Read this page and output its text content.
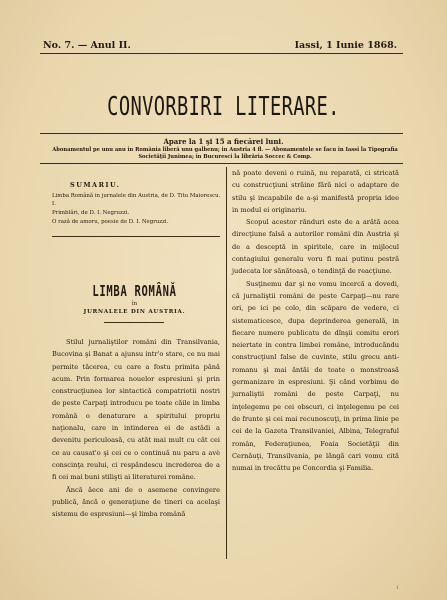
No. 7. — Anul II.	Iassi, 1 Iunie 1868.
CONVORBIRI LITERARE.
Apare la 1 şi 15 a fiecărei luni.
Abonamentul pe unu anu in România liberă unu galbenu; in Austria 4 fl. — Abonamentele se facu in Iassi la Tipografia Societăţii Junimea; in Bucuresci la librăria Soccec & Comp.
SUMARIU.
Limba Română in jurnalele din Austria, de D. Titu Maiorescu. I.
Primblări, de D. I. Negruzzi.
O rază de amoru, poesie de D. I. Negruzzi.
LIMBA ROMÂNĂ
în
JURNALELE DIN AUSTRIA.

Stilul jurnaliştilor români din Transilvania, Bucovina şi Banat a ajunsu intr'o stare, ce nu mai permite tăcerea, cu care a fostu primita pănă acum. Prin formarea nouelor espresiuni şi prin construcţiunea lor sintactică compatriotii nostri de peste Carpaţi introducu pe toate căile in limba română o denaturare a spiritului propriu naţionalu, care in intinderea ei de astădi a devenitu periculoasă, cu atăt mai mult cu căt cei ce au causat'o şi cei ce o continuă nu paru a avè conscinţa reului, ci respăndescu increderea de a fi cei mai buni stilişti ai literaturei române.

Ăncă ăece ani de o asemene convingere publică, ăncă o generaţiune de tineri ca acelaşi sistemu de espresiuni—şi limba română

nă poate deveni o ruină, nu reparată, ci stricată cu construcţiuni străine fără nici o adaptare de stilu şi incapabile de a-şi manifestă propria idee in modul ei originariu.

Scopul acestor rănduri este de a arătă acea direcţiune falsă a autorilor români din Austria şi de a desceptă in spiritele, care in mijlocul contagiului generalu voru fi mai putinu pestră judecata lor sănătoasă, o tendinţă de reacţiune.

Susţinemu dar şi ne vomu incercă a dovedi, că jurnaliştii români de peste Carpaţi—nu rare ori, pe ici pe colo, din scăpare de vedere, ci sistematicesce, dupa deprinderea generală, in fiecare numere publicatu de dînşii comitu erori neiertate in contra limbei române, introducăndu construcţiunl false de cuvinte, stilu grecu anti-romanu şi mai ăntăi de toate o monstroasă germanizare in espresiuni. Şi cănd vorbimu de jurnaliştii români de peste Carpaţi, nu inţelegemu pe cei obscuri, ci inţelegemu pe cei de frunte şi cei mai recunoscuţi, in prima linie pe cei de la Gazeta Transilvaniei, Albina, Telegraful român, Federaţiunea, Foaia Societăţii din Cernăuţi, Transilvania, pe lăngă cari vomu cită numai in trecăttu pe Concordia şi Familia.

1
